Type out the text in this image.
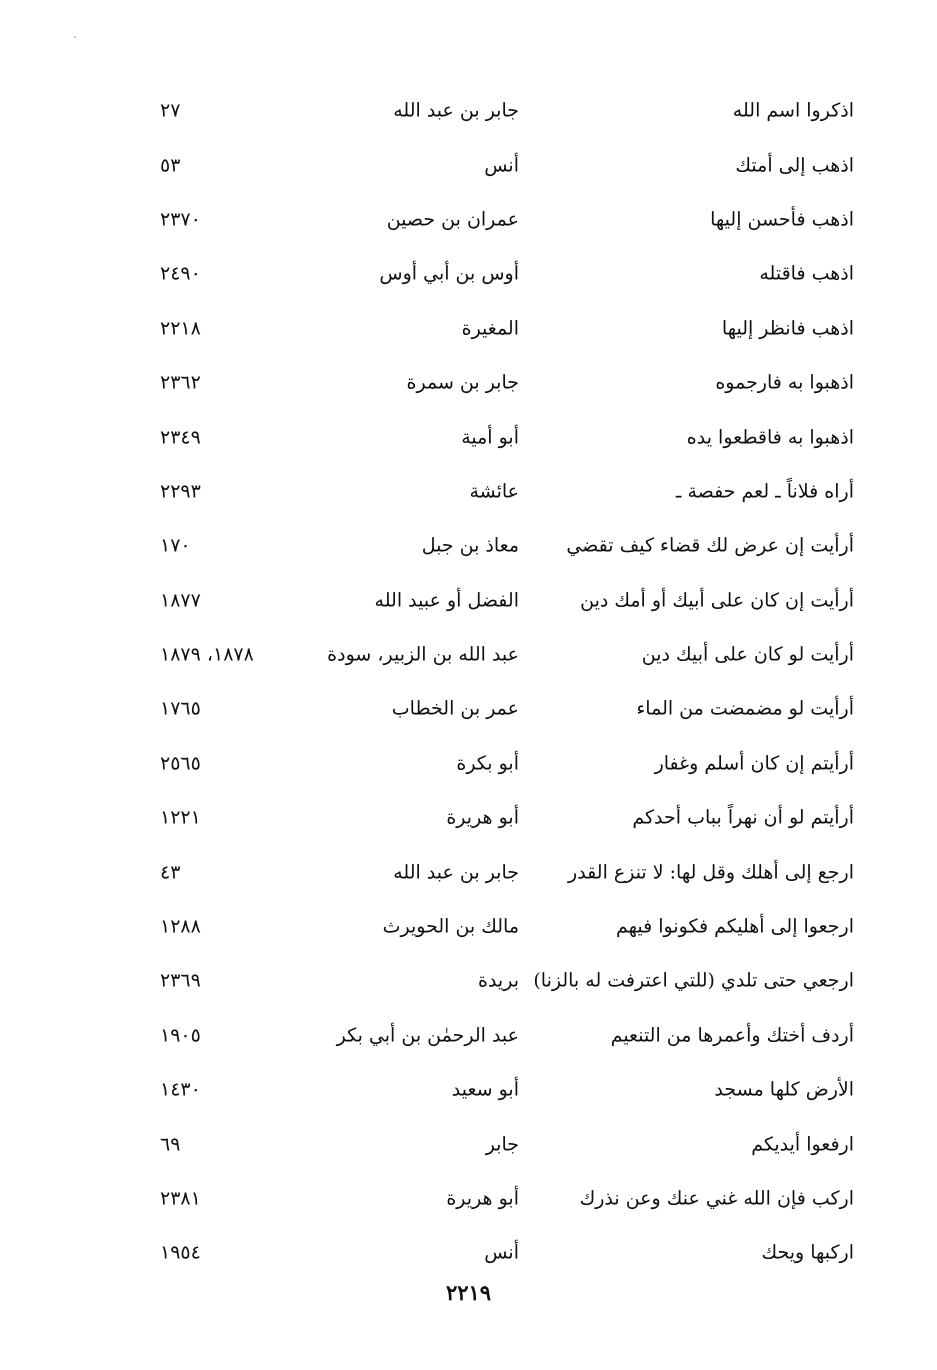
اذكروا اسم الله
جابر بن عبد الله
٢٧
اذهب إلى أمتك
أنس
٥٣
اذهب فأحسن إليها
عمران بن حصين
٢٣٧٠
اذهب فاقتله
أوس بن أبي أوس
٢٤٩٠
اذهب فانظر إليها
المغيرة
٢٢١٨
اذهبوا به فارجموه
جابر بن سمرة
٢٣٦٢
اذهبوا به فاقطعوا يده
أبو أمية
٢٣٤٩
أراه فلاناً ـ لعم حفصة ـ
عائشة
٢٢٩٣
أرأيت إن عرض لك قضاء كيف تقضي
معاذ بن جبل
١٧٠
أرأيت إن كان على أبيك أو أمك دين
الفضل أو عبيد الله
١٨٧٧
أرأيت لو كان على أبيك دين
عبد الله بن الزبير، سودة
١٨٧٨، ١٨٧٩
أرأيت لو مضمضت من الماء
عمر بن الخطاب
١٧٦٥
أرأيتم إن كان أسلم وغفار
أبو بكرة
٢٥٦٥
أرأيتم لو أن نهراً بباب أحدكم
أبو هريرة
١٢٢١
ارجع إلى أهلك وقل لها: لا تنزع القدر
جابر بن عبد الله
٤٣
ارجعوا إلى أهليكم فكونوا فيهم
مالك بن الحويرث
١٢٨٨
ارجعي حتى تلدي (للتي اعترفت له بالزنا)
بريدة
٢٣٦٩
أردف أختك وأعمرها من التنعيم
عبد الرحمٰن بن أبي بكر
١٩٠٥
الأرض كلها مسجد
أبو سعيد
١٤٣٠
ارفعوا أيديكم
جابر
٦٩
اركب فإن الله غني عنك وعن نذرك
أبو هريرة
٢٣٨١
اركبها ويحك
أنس
١٩٥٤
٢٢١٩
